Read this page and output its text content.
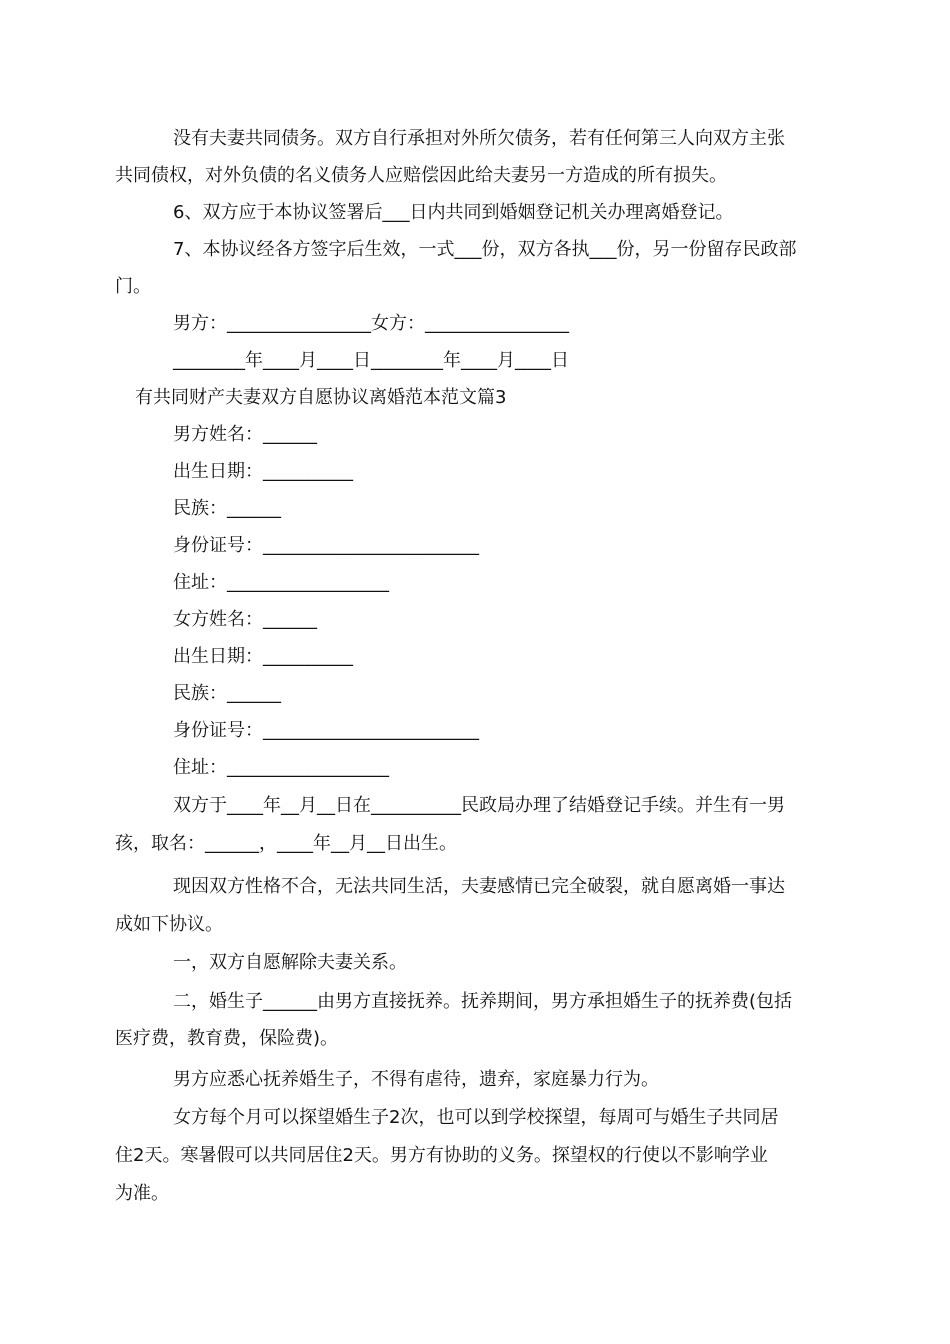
没有夫妻共同债务。双方自行承担对外所欠债务，若有任何第三人向双方主张
共同债权，对外负债的名义债务人应赔偿因此给夫妻另一方造成的所有损失。
6、双方应于本协议签署后___日内共同到婚姻登记机关办理离婚登记。
7、本协议经各方签字后生效，一式___份，双方各执___份，另一份留存民政部
门。
男方：________________女方：________________
________年____月____日________年____月____日
有共同财产夫妻双方自愿协议离婚范本范文篇3
男方姓名：______
出生日期：__________
民族：______
身份证号：________________________
住址：__________________
女方姓名：______
出生日期：__________
民族：______
身份证号：________________________
住址：__________________
双方于____年__月__日在__________民政局办理了结婚登记手续。并生有一男
孩，取名：______，____年__月__日出生。
现因双方性格不合，无法共同生活，夫妻感情已完全破裂，就自愿离婚一事达
成如下协议。
一，双方自愿解除夫妻关系。
二，婚生子______由男方直接抚养。抚养期间，男方承担婚生子的抚养费(包括
医疗费，教育费，保险费)。
男方应悉心抚养婚生子，不得有虐待，遗弃，家庭暴力行为。
女方每个月可以探望婚生子2次，也可以到学校探望，每周可与婚生子共同居
住2天。寒暑假可以共同居住2天。男方有协助的义务。探望权的行使以不影响学业
为准。
